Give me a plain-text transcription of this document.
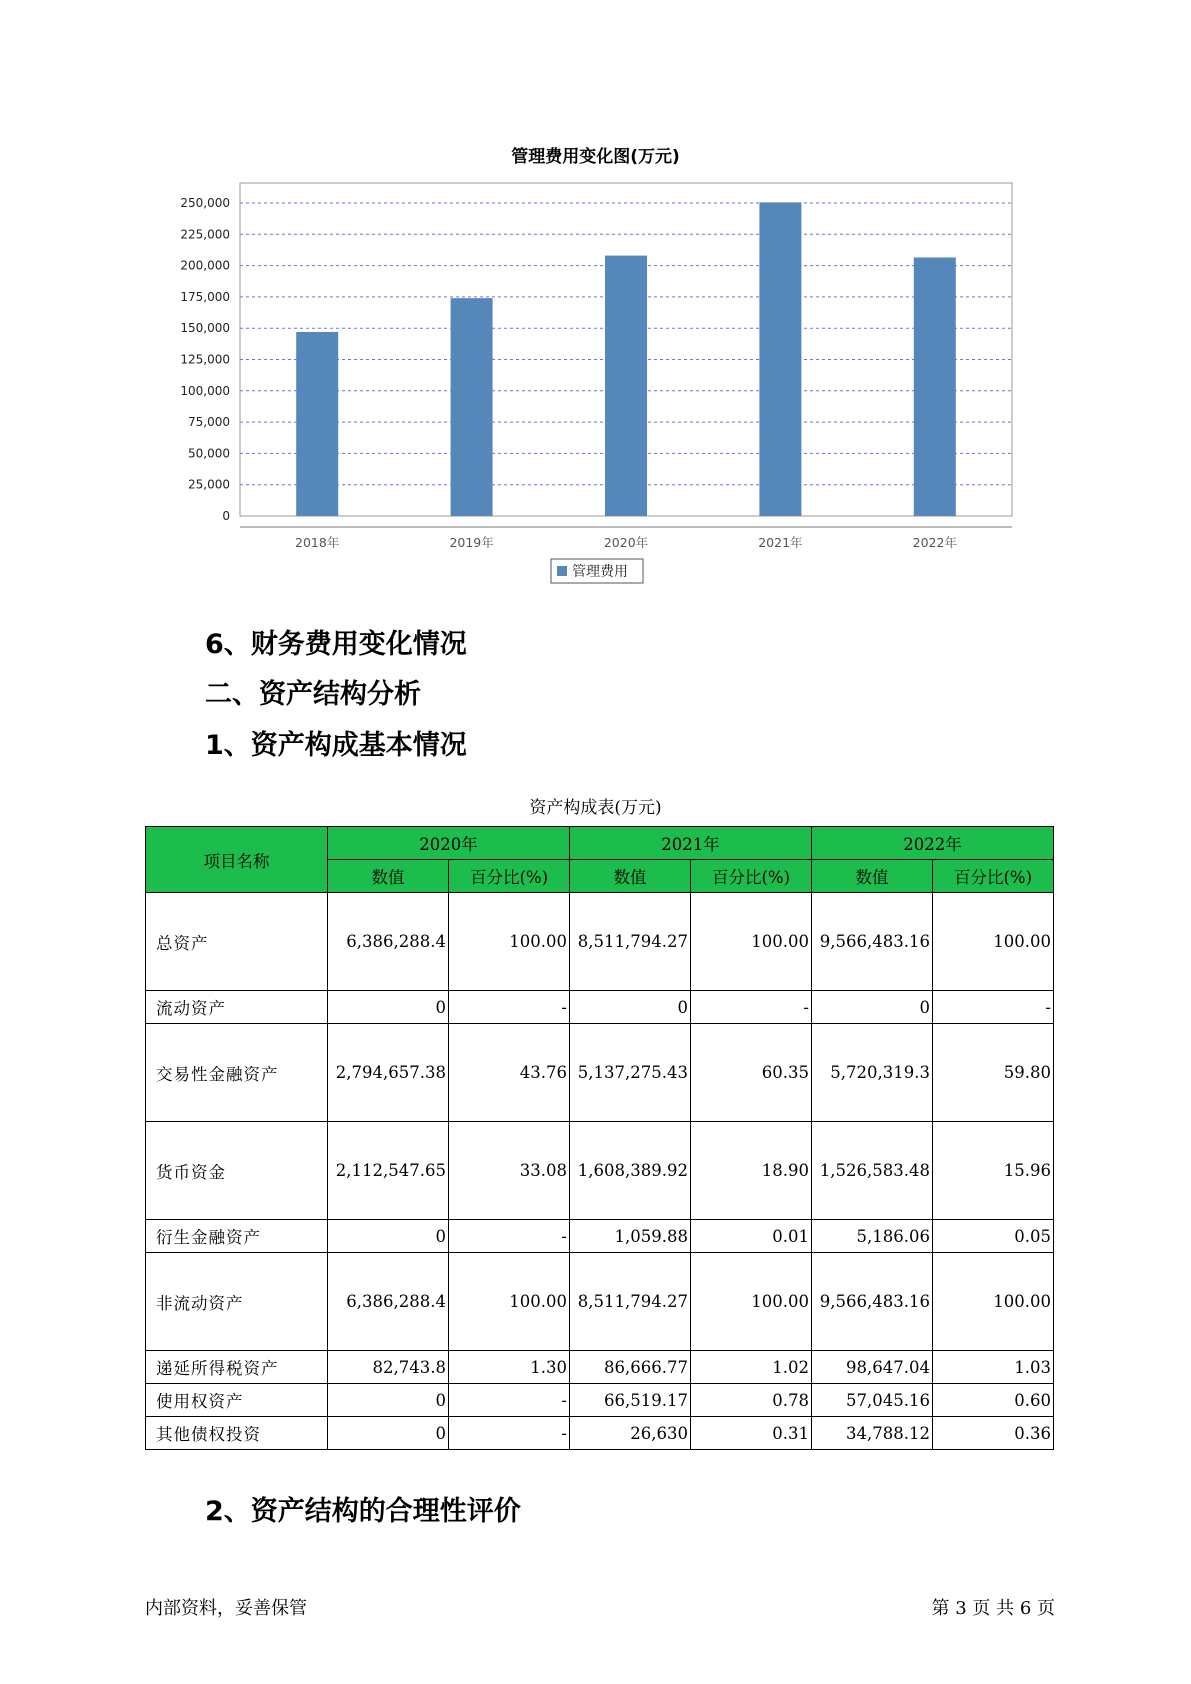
管理费用变化图(万元)
0
25,000
50,000
75,000
100,000
125,000
150,000
175,000
200,000
225,000
250,000
2018年	2019年	2020年	2021年	2022年
管理费用
6、财务费用变化情况
二、资产结构分析
1、资产构成基本情况
资产构成表(万元)
项目名称	2020年		2021年		2022年	
	数值	百分比(%)	数值	百分比(%)	数值	百分比(%)
总资产	6,386,288.4	100.00	8,511,794.27	100.00	9,566,483.16	100.00
流动资产	0	-	0	-	0	-
交易性金融资产	2,794,657.38	43.76	5,137,275.43	60.35	5,720,319.3	59.80
货币资金	2,112,547.65	33.08	1,608,389.92	18.90	1,526,583.48	15.96
衍生金融资产	0	-	1,059.88	0.01	5,186.06	0.05
非流动资产	6,386,288.4	100.00	8,511,794.27	100.00	9,566,483.16	100.00
递延所得税资产	82,743.8	1.30	86,666.77	1.02	98,647.04	1.03
使用权资产	0	-	66,519.17	0.78	57,045.16	0.60
其他债权投资	0	-	26,630	0.31	34,788.12	0.36
2、资产结构的合理性评价
内部资料，妥善保管	第 3 页 共 6 页
